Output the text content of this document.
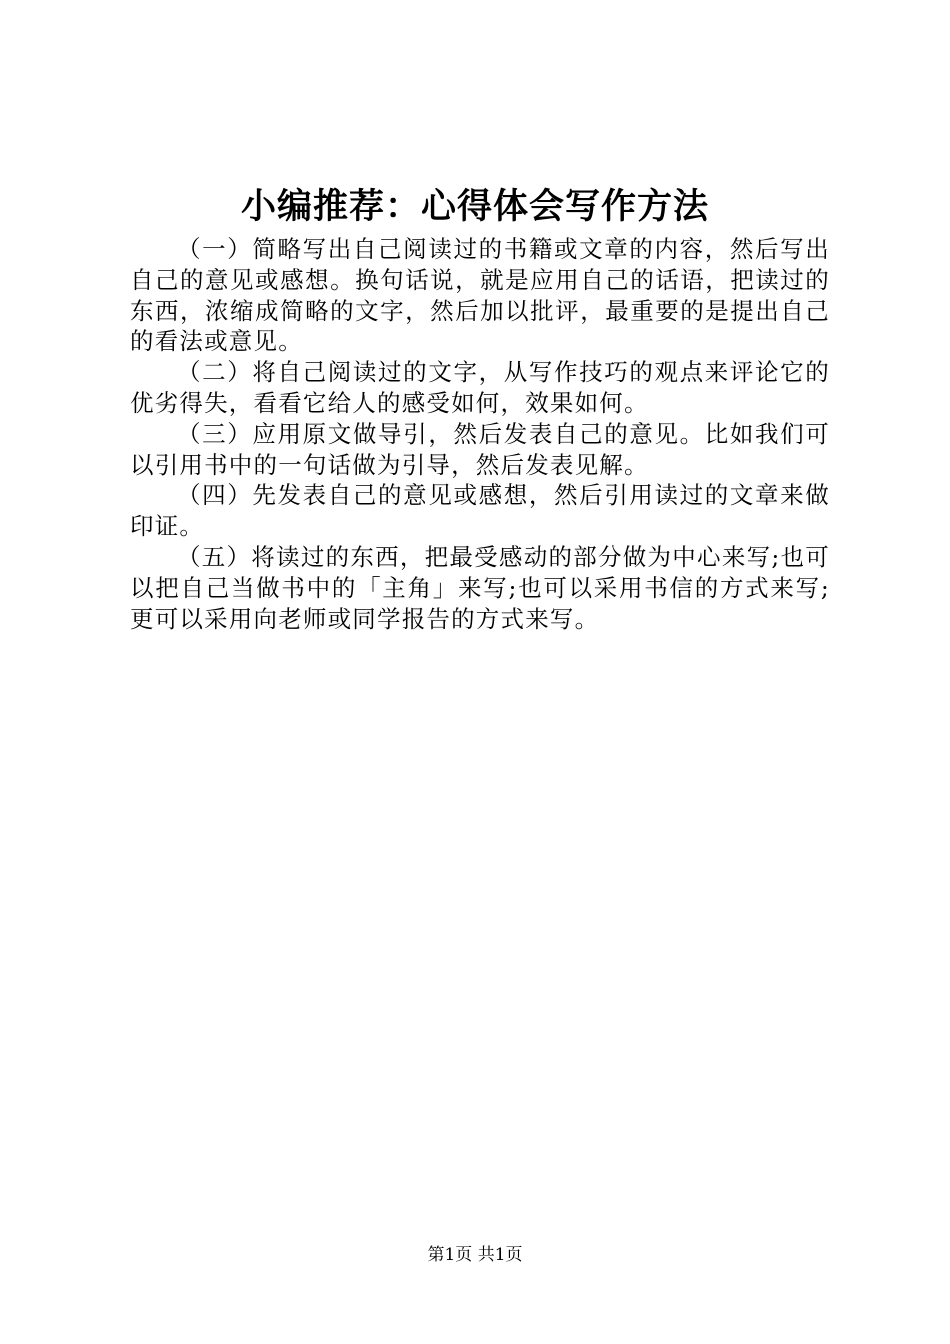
小编推荐：心得体会写作方法

（一）简略写出自己阅读过的书籍或文章的内容，然后写出自己的意见或感想。换句话说，就是应用自己的话语，把读过的东西，浓缩成简略的文字，然后加以批评，最重要的是提出自己的看法或意见。

（二）将自己阅读过的文字，从写作技巧的观点来评论它的优劣得失，看看它给人的感受如何，效果如何。

（三）应用原文做导引，然后发表自己的意见。比如我们可以引用书中的一句话做为引导，然后发表见解。

（四）先发表自己的意见或感想，然后引用读过的文章来做印证。

（五）将读过的东西，把最受感动的部分做为中心来写;也可以把自己当做书中的「主角」来写;也可以采用书信的方式来写;更可以采用向老师或同学报告的方式来写。

第1页 共1页
